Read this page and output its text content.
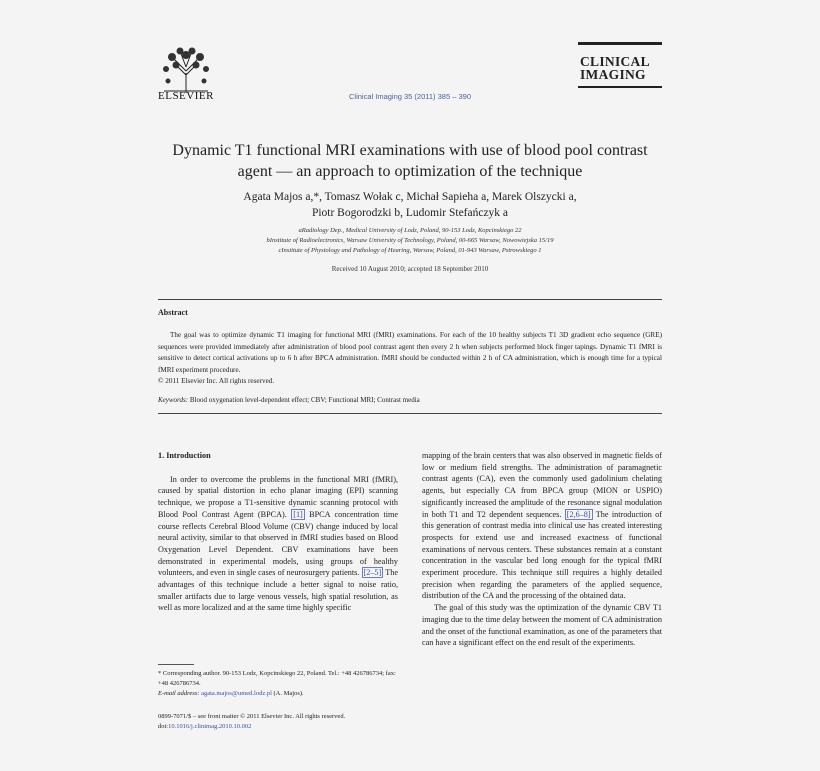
ELSEVIER	Clinical Imaging 35 (2011) 385 – 390
CLINICAL
IMAGING
Dynamic T1 functional MRI examinations with use of blood pool contrast
agent — an approach to optimization of the technique
Agata Majos a,*, Tomasz Wołak c, Michał Sapieha a, Marek Olszycki a,
Piotr Bogorodzki b, Ludomir Stefańczyk a
aRadiology Dep., Medical University of Lodz, Poland, 90-153 Lodz, Kopcinskiego 22
bInstitute of Radioelectronics, Warsaw University of Technology, Poland, 00-665 Warsaw, Nowowiejska 15/19
cInstitute of Physiology and Pathology of Hearing, Warsaw, Poland, 01-943 Warsaw, Pstrowskiego 1
Received 10 August 2010; accepted 18 September 2010
Abstract

The goal was to optimize dynamic T1 imaging for functional MRI (fMRI) examinations. For each of the 10 healthy subjects T1 3D gradient echo sequence (GRE) sequences were provided immediately after administration of blood pool contrast agent then every 2 h when subjects performed block finger tapings. Dynamic T1 fMRI is sensitive to detect cortical activations up to 6 h after BPCA administration. fMRI should be conducted within 2 h of CA administration, which is enough time for a typical fMRI experiment procedure.

© 2011 Elsevier Inc. All rights reserved.
Keywords: Blood oxygenation level-dependent effect; CBV; Functional MRI; Contrast media
1. Introduction

In order to overcome the problems in the functional MRI (fMRI), caused by spatial distortion in echo planar imaging (EPI) scanning technique, we propose a T1-sensitive dynamic scanning protocol with Blood Pool Contrast Agent (BPCA). [1] BPCA concentration time course reflects Cerebral Blood Volume (CBV) change induced by local neural activity, similar to that observed in fMRI studies based on Blood Oxygenation Level Dependent. CBV examinations have been demonstrated in experimental models, using groups of healthy volunteers, and even in single cases of neurosurgery patients. [2–5] The advantages of this technique include a better signal to noise ratio, smaller artifacts due to large venous vessels, high spatial resolution, as well as more localized and at the same time highly specific

mapping of the brain centers that was also observed in magnetic fields of low or medium field strengths. The administration of paramagnetic contrast agents (CA), even the commonly used gadolinium chelating agents, but especially CA from BPCA group (MION or USPIO) significantly increased the amplitude of the resonance signal modulation in both T1 and T2 dependent sequences. [2,6–8] The introduction of this generation of contrast media into clinical use has created interesting prospects for extend use and increased exactness of functional examinations of nervous centers. These substances remain at a constant concentration in the vascular bed long enough for the typical fMRI experiment procedure. This technique still requires a highly detailed precision when regarding the parameters of the applied sequence, distribution of the CA and the processing of the obtained data.

The goal of this study was the optimization of the dynamic CBV T1 imaging due to the time delay between the moment of CA administration and the onset of the functional examination, as one of the parameters that can have a significant effect on the end result of the experiments.

* Corresponding author. 90-153 Lodz, Kopcinskiego 22, Poland. Tel.: +48 426786734; fax: +48 426786734.

E-mail address: agata.majos@umed.lodz.pl (A. Majos).

0899-7071/$ – see front matter © 2011 Elsevier Inc. All rights reserved.

doi:10.1016/j.clinimag.2010.10.002
